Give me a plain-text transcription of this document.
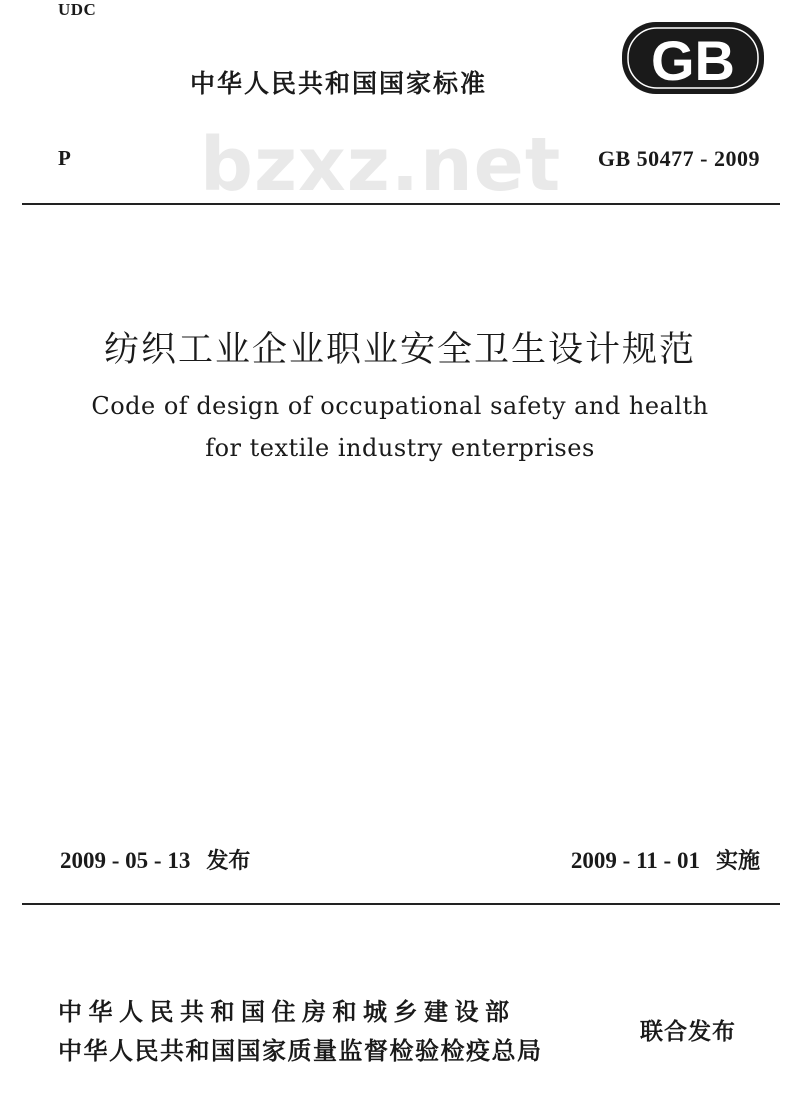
UDC
中华人民共和国国家标准	GB
bzxz.net
P	GB 50477 - 2009
纺织工业企业职业安全卫生设计规范
Code of design of occupational safety and health
for textile industry enterprises
2009 - 05 - 13 发布	2009 - 11 - 01 实施
中华人民共和国住房和城乡建设部
中华人民共和国国家质量监督检验检疫总局
联合发布
